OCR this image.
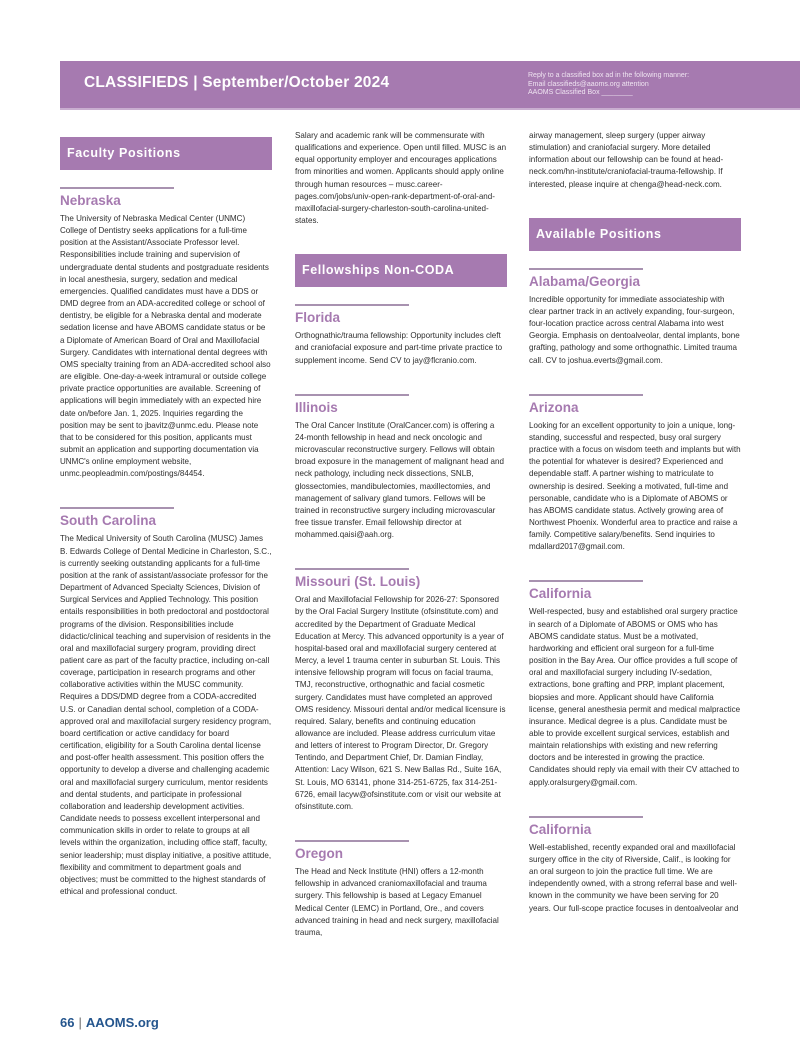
CLASSIFIEDS | September/October 2024	Reply to a classified box ad in the following manner:
Email classifieds@aaoms.org attention
AAOMS Classified Box ________
Faculty Positions
Nebraska
The University of Nebraska Medical Center (UNMC) College of Dentistry seeks applications for a full-time position at the Assistant/Associate Professor level. Responsibilities include training and supervision of undergraduate dental students and postgraduate residents in local anesthesia, surgery, sedation and medical emergencies. Qualified candidates must have a DDS or DMD degree from an ADA-accredited college or school of dentistry, be eligible for a Nebraska dental and moderate sedation license and have ABOMS candidate status or be a Diplomate of American Board of Oral and Maxillofacial Surgery. Candidates with international dental degrees with OMS specialty training from an ADA-accredited school also are eligible. One-day-a-week intramural or outside college private practice opportunities are available. Screening of applications will begin immediately with an expected hire date on/before Jan. 1, 2025. Inquiries regarding the position may be sent to jbavitz@unmc.edu. Please note that to be considered for this position, applicants must submit an application and supporting documentation via UNMC's online employment website, unmc.peopleadmin.com/postings/84454.
South Carolina
The Medical University of South Carolina (MUSC) James B. Edwards College of Dental Medicine in Charleston, S.C., is currently seeking outstanding applicants for a full-time position at the rank of assistant/associate professor for the Department of Advanced Specialty Sciences, Division of Surgical Services and Applied Technology. This position entails responsibilities in both predoctoral and postdoctoral programs of the division. Responsibilities include didactic/clinical teaching and supervision of residents in the oral and maxillofacial surgery program, providing direct patient care as part of the faculty practice, including on-call coverage, participation in research programs and other collaborative activities within the MUSC community. Requires a DDS/DMD degree from a CODA-accredited U.S. or Canadian dental school, completion of a CODA-approved oral and maxillofacial surgery residency program, board certification or active candidacy for board certification, eligibility for a South Carolina dental license and post-offer health assessment. This position offers the opportunity to develop a diverse and challenging academic oral and maxillofacial surgery curriculum, mentor residents and dental students, and participate in professional collaboration and leadership development activities. Candidate needs to possess excellent interpersonal and communication skills in order to relate to groups at all levels within the organization, including office staff, faculty, senior leadership; must display initiative, a positive attitude, flexibility and commitment to department goals and objectives; must be committed to the highest standards of ethical and professional conduct.
Salary and academic rank will be commensurate with qualifications and experience. Open until filled. MUSC is an equal opportunity employer and encourages applications from minorities and women. Applicants should apply online through human resources – musc.career-pages.com/jobs/univ-open-rank-department-of-oral-and-maxillofacial-surgery-charleston-south-carolina-united-states.
Fellowships Non-CODA
Florida
Orthognathic/trauma fellowship: Opportunity includes cleft and craniofacial exposure and part-time private practice to supplement income. Send CV to jay@flcranio.com.
Illinois
The Oral Cancer Institute (OralCancer.com) is offering a 24-month fellowship in head and neck oncologic and microvascular reconstructive surgery. Fellows will obtain broad exposure in the management of malignant head and neck pathology, including neck dissections, SNLB, glossectomies, mandibulectomies, maxillectomies, and management of salivary gland tumors. Fellows will be trained in reconstructive surgery including microvascular free tissue transfer. Email fellowship director at mohammed.qaisi@aah.org.
Missouri (St. Louis)
Oral and Maxillofacial Fellowship for 2026-27: Sponsored by the Oral Facial Surgery Institute (ofsinstitute.com) and accredited by the Department of Graduate Medical Education at Mercy. This advanced opportunity is a year of hospital-based oral and maxillofacial surgery centered at Mercy, a level 1 trauma center in suburban St. Louis. This intensive fellowship program will focus on facial trauma, TMJ, reconstructive, orthognathic and facial cosmetic surgery. Candidates must have completed an approved OMS residency. Missouri dental and/or medical licensure is required. Salary, benefits and continuing education allowance are included. Please address curriculum vitae and letters of interest to Program Director, Dr. Gregory Tentindo, and Department Chief, Dr. Damian Findlay, Attention: Lacy Wilson, 621 S. New Ballas Rd., Suite 16A, St. Louis, MO 63141, phone 314-251-6725, fax 314-251-6726, email lacyw@ofsinstitute.com or visit our website at ofsinstitute.com.
Oregon
The Head and Neck Institute (HNI) offers a 12-month fellowship in advanced craniomaxillofacial and trauma surgery. This fellowship is based at Legacy Emanuel Medical Center (LEMC) in Portland, Ore., and covers advanced training in head and neck surgery, maxillofacial trauma,
airway management, sleep surgery (upper airway stimulation) and craniofacial surgery. More detailed information about our fellowship can be found at head-neck.com/hn-institute/craniofacial-trauma-fellowship. If interested, please inquire at chenga@head-neck.com.
Available Positions
Alabama/Georgia
Incredible opportunity for immediate associateship with clear partner track in an actively expanding, four-surgeon, four-location practice across central Alabama into west Georgia. Emphasis on dentoalveolar, dental implants, bone grafting, pathology and some orthognathic. Limited trauma call. CV to joshua.everts@gmail.com.
Arizona
Looking for an excellent opportunity to join a unique, long-standing, successful and respected, busy oral surgery practice with a focus on wisdom teeth and implants but with the potential for whatever is desired? Experienced and dependable staff. A partner wishing to matriculate to ownership is desired. Seeking a motivated, full-time and personable, candidate who is a Diplomate of ABOMS or has ABOMS candidate status. Actively growing area of Northwest Phoenix. Wonderful area to practice and raise a family. Competitive salary/benefits. Send inquiries to mdallard2017@gmail.com.
California
Well-respected, busy and established oral surgery practice in search of a Diplomate of ABOMS or OMS who has ABOMS candidate status. Must be a motivated, hardworking and efficient oral surgeon for a full-time position in the Bay Area. Our office provides a full scope of oral and maxillofacial surgery including IV-sedation, extractions, bone grafting and PRP, implant placement, biopsies and more. Applicant should have California license, general anesthesia permit and medical malpractice insurance. Medical degree is a plus. Candidate must be able to provide excellent surgical services, establish and maintain relationships with existing and new referring doctors and be interested in growing the practice. Candidates should reply via email with their CV attached to apply.oralsurgery@gmail.com.
California
Well-established, recently expanded oral and maxillofacial surgery office in the city of Riverside, Calif., is looking for an oral surgeon to join the practice full time. We are independently owned, with a strong referral base and well-known in the community we have been serving for 20 years. Our full-scope practice focuses in dentoalveolar and
66 | AAOMS.org
